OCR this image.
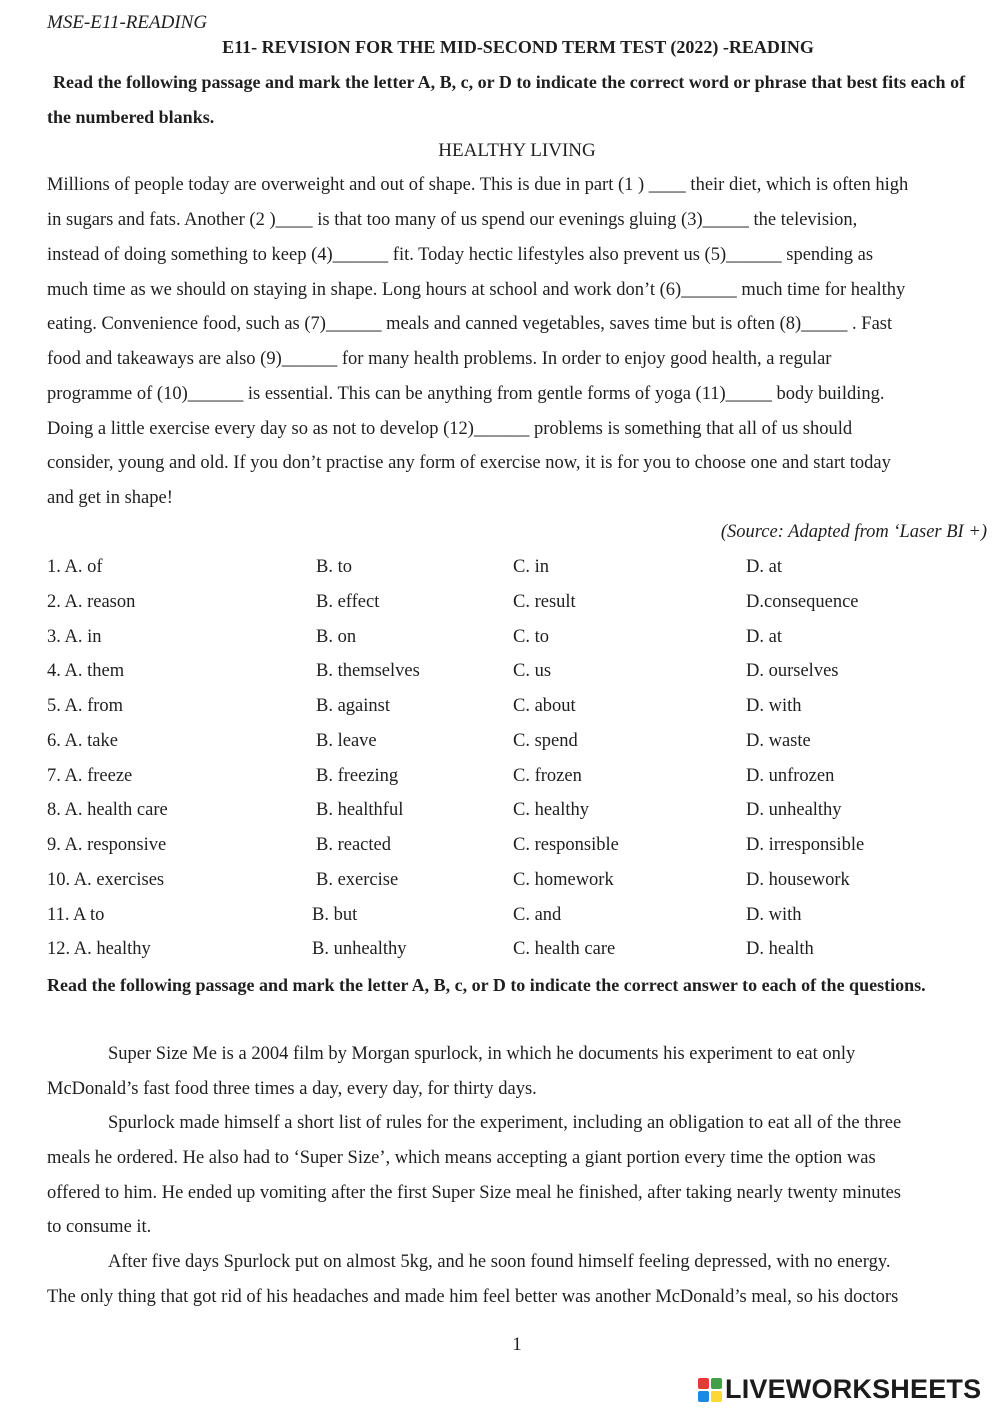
MSE-E11-READING
E11- REVISION FOR THE MID-SECOND TERM TEST (2022) -READING
Read the following passage and mark the letter A, B, c, or D to indicate the correct word or phrase that best fits each of the numbered blanks.
HEALTHY LIVING
Millions of people today are overweight and out of shape. This is due in part (1 ) ____ their diet, which is often high
in sugars and fats. Another (2 )____ is that too many of us spend our evenings gluing (3)_____ the television,
instead of doing something to keep (4)______ fit. Today hectic lifestyles also prevent us (5)______ spending as
much time as we should on staying in shape. Long hours at school and work don’t (6)______ much time for healthy
eating. Convenience food, such as (7)______ meals and canned vegetables, saves time but is often (8)_____ . Fast
food and takeaways are also (9)______ for many health problems. In order to enjoy good health, a regular
programme of (10)______ is essential. This can be anything from gentle forms of yoga (11)_____ body building.
Doing a little exercise every day so as not to develop (12)______ problems is something that all of us should
consider, young and old. If you don’t practise any form of exercise now, it is for you to choose one and start today
and get in shape!
(Source: Adapted from ‘Laser BI +)
1. A. of	B. to	C. in	D. at
2. A. reason	B. effect	C. result	D.consequence
3. A. in	B. on	C. to	D. at
4. A. them	B. themselves	C. us	D. ourselves
5. A. from	B. against	C. about	D. with
6. A. take	B. leave	C. spend	D. waste
7. A. freeze	B. freezing	C. frozen	D. unfrozen
8. A. health care	B. healthful	C. healthy	D. unhealthy
9. A. responsive	B. reacted	C. responsible	D. irresponsible
10. A. exercises	B. exercise	C. homework	D. housework
11. A to	B. but	C. and	D. with
12. A. healthy	B. unhealthy	C. health care	D. health
Read the following passage and mark the letter A, B, c, or D to indicate the correct answer to each of the questions.
Super Size Me is a 2004 film by Morgan spurlock, in which he documents his experiment to eat only
McDonald’s fast food three times a day, every day, for thirty days.
Spurlock made himself a short list of rules for the experiment, including an obligation to eat all of the three
meals he ordered. He also had to ‘Super Size’, which means accepting a giant portion every time the option was
offered to him. He ended up vomiting after the first Super Size meal he finished, after taking nearly twenty minutes
to consume it.
After five days Spurlock put on almost 5kg, and he soon found himself feeling depressed, with no energy.
The only thing that got rid of his headaches and made him feel better was another McDonald’s meal, so his doctors
1
LIVEWORKSHEETS
